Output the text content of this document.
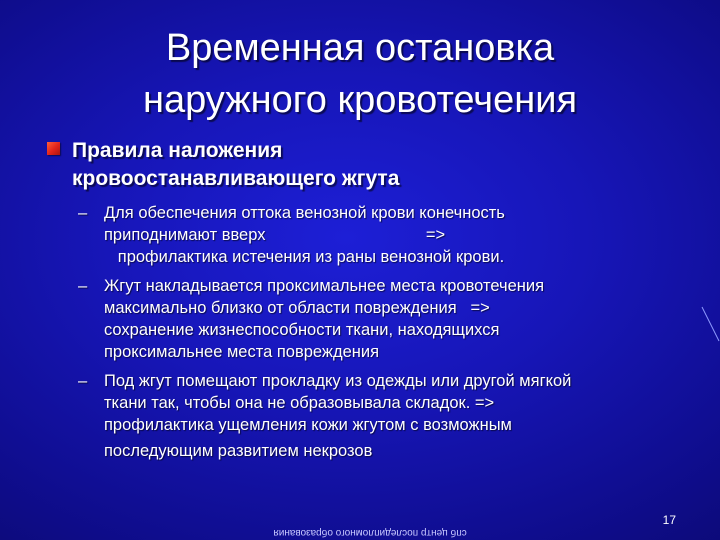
Временная остановка
наружного кровотечения
Правила наложения
кровоостанавливающего жгута
– Для обеспечения оттока венозной крови конечность
приподнимают вверх                                   =>
профилактика истечения из раны венозной крови.
– Жгут накладывается проксимальнее места кровотечения
максимально близко от области повреждения   =>
сохранение жизнеспособности ткани, находящихся
проксимальнее места повреждения
– Под жгут помещают прокладку из одежды или другой мягкой
ткани так, чтобы она не образовывала складок. =>
профилактика ущемления кожи жгутом с возможным
последующим развитием некрозов
17
спб центр последипломного образования
